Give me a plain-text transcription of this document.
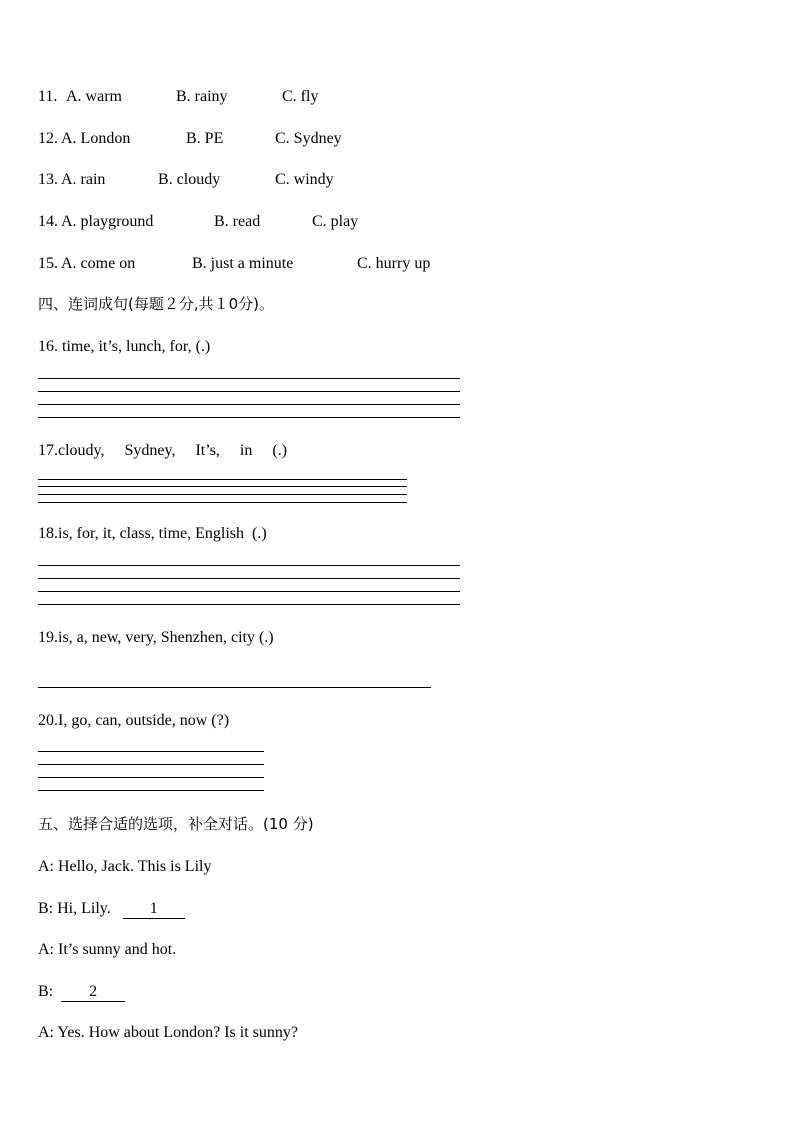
11. A. warm	B. rainy	C. fly
12. A. London	B. PE	C. Sydney
13. A. rain	B. cloudy	C. windy
14. A. playground	B. read	C. play
15. A. come on	B. just a minute	C. hurry up
四、连词成句(每题２分,共１0分)。
16. time, it’s, lunch, for, (.)
17.cloudy,     Sydney,     It’s,     in     (.)
18.is, for, it, class, time, English  (.)
19.is, a, new, very, Shenzhen, city (.)
20.I, go, can, outside, now (?)
五、选择合适的选项，补全对话。(10 分)
A: Hello, Jack. This is Lily
B: Hi, Lily. 1
A: It’s sunny and hot.
B: 2
A: Yes. How about London? Is it sunny?
